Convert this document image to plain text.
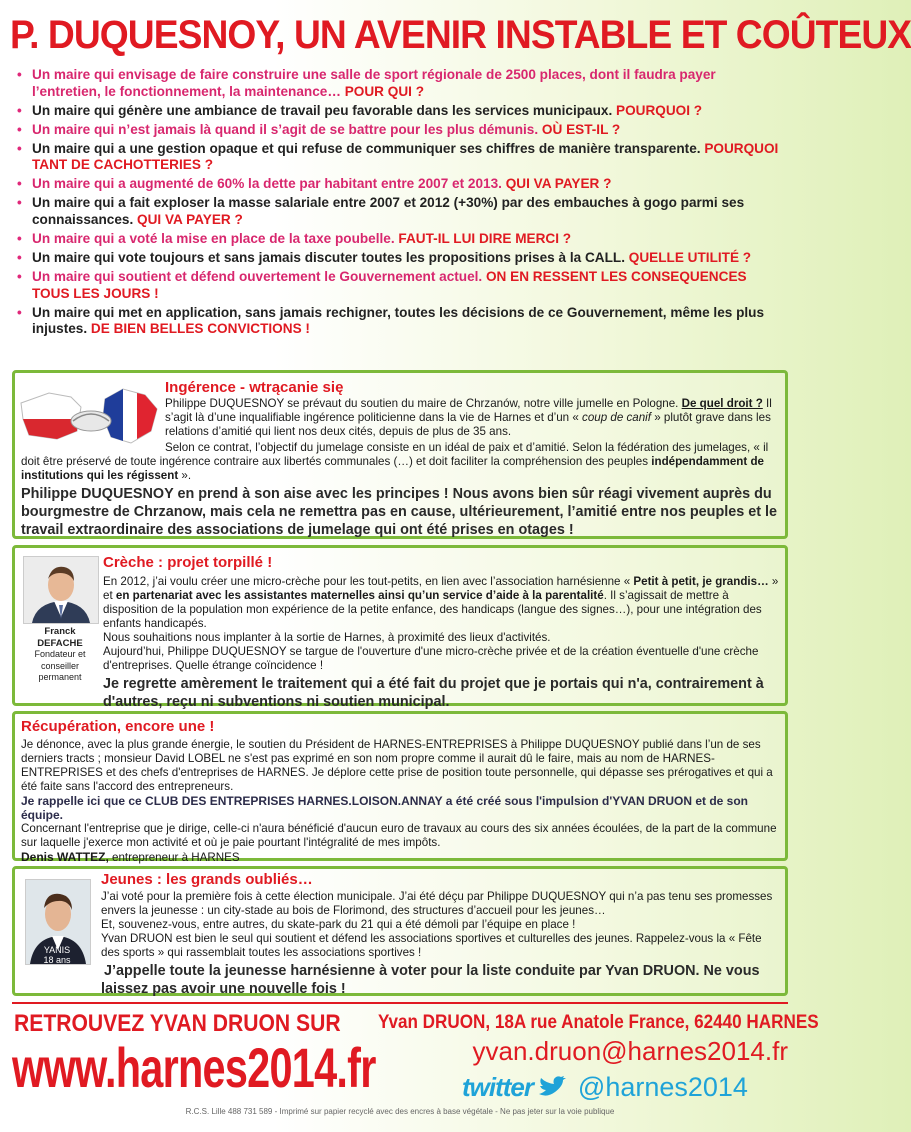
P. DUQUESNOY, UN AVENIR INSTABLE ET COÛTEUX
• Un maire qui envisage de faire construire une salle de sport régionale de 2500 places, dont il faudra payer l’entretien, le fonctionnement, la maintenance… POUR QUI ?
• Un maire qui génère une ambiance de travail peu favorable dans les services municipaux. POURQUOI ?
• Un maire qui n’est jamais là quand il s’agit de se battre pour les plus démunis. OÙ EST-IL ?
• Un maire qui a une gestion opaque et qui refuse de communiquer ses chiffres de manière transparente. POURQUOI TANT DE CACHOTTERIES ?
• Un maire qui a augmenté de 60% la dette par habitant entre 2007 et 2013. QUI VA PAYER ?
• Un maire qui a fait exploser la masse salariale entre 2007 et 2012 (+30%) par des embauches à gogo parmi ses connaissances. QUI VA PAYER ?
• Un maire qui a voté la mise en place de la taxe poubelle. FAUT-IL LUI DIRE MERCI ?
• Un maire qui vote toujours et sans jamais discuter toutes les propositions prises à la CALL. QUELLE UTILITÉ ?
• Un maire qui soutient et défend ouvertement le Gouvernement actuel. ON EN RESSENT LES CONSEQUENCES TOUS LES JOURS !
• Un maire qui met en application, sans jamais rechigner, toutes les décisions de ce Gouvernement, même les plus injustes. DE BIEN BELLES CONVICTIONS !

Ingérence - wtrącanie się

Philippe DUQUESNOY se prévaut du soutien du maire de Chrzanów, notre ville jumelle en Pologne. De quel droit ? Il s’agit là d’une inqualifiable ingérence politicienne dans la vie de Harnes et d’un « coup de canif » plutôt grave dans les relations d’amitié qui lient nos deux cités, depuis de plus de 35 ans.

Selon ce contrat, l’objectif du jumelage consiste en un idéal de paix et d’amitié. Selon la fédération des jumelages, « il doit être préservé de toute ingérence contraire aux libertés communales (…) et doit faciliter la compréhension des peuples indépendamment de institutions qui les régissent ».

Philippe DUQUESNOY en prend à son aise avec les principes ! Nous avons bien sûr réagi vivement auprès du bourgmestre de Chrzanow, mais cela ne remettra pas en cause, ultérieurement, l’amitié entre nos peuples et le travail extraordinaire des associations de jumelage qui ont été prises en otages !

Franck
DEFACHE
Fondateur et conseiller permanent

Crèche : projet torpillé !

En 2012, j’ai voulu créer une micro-crèche pour les tout-petits, en lien avec l’association harnésienne « Petit à petit, je grandis… » et en partenariat avec les assistantes maternelles ainsi qu’un service d’aide à la parentalité. Il s’agissait de mettre à disposition de la population mon expérience de la petite enfance, des handicaps (langue des signes…), pour une intégration des enfants handicapés.

Nous souhaitions nous implanter à la sortie de Harnes, à proximité des lieux d'activités.

Aujourd’hui, Philippe DUQUESNOY se targue de l'ouverture d'une micro-crèche privée et de la création éventuelle d'une crèche d'entreprises. Quelle étrange coïncidence !

Je regrette amèrement le traitement qui a été fait du projet que je portais qui n'a, contrairement à d'autres, reçu ni subventions ni soutien municipal.

Récupération, encore une !

Je dénonce, avec la plus grande énergie, le soutien du Président de HARNES-ENTREPRISES à Philippe DUQUESNOY publié dans l’un de ses derniers tracts ; monsieur David LOBEL ne s'est pas exprimé en son nom propre comme il aurait dû le faire, mais au nom de HARNES-ENTREPRISES et des chefs d'entreprises de HARNES. Je déplore cette prise de position toute personnelle, qui dépasse ses prérogatives et qui a été faite sans l'accord des entrepreneurs.

Je rappelle ici que ce CLUB DES ENTREPRISES HARNES.LOISON.ANNAY a été créé sous l'impulsion d'YVAN DRUON et de son équipe.

Concernant l'entreprise que je dirige, celle-ci n'aura bénéficié d'aucun euro de travaux au cours des six années écoulées, de la part de la commune sur laquelle j'exerce mon activité et où je paie pourtant l'intégralité de mes impôts.

Denis WATTEZ, entrepreneur à HARNES

YANIS
18 ans

Jeunes : les grands oubliés…

J’ai voté pour la première fois à cette élection municipale. J’ai été déçu par Philippe DUQUESNOY qui n’a pas tenu ses promesses envers la jeunesse : un city-stade au bois de Florimond, des structures d’accueil pour les jeunes…

Et, souvenez-vous, entre autres, du skate-park du 21 qui a été démoli par l’équipe en place !

Yvan DRUON est bien le seul qui soutient et défend les associations sportives et culturelles des jeunes. Rappelez-vous la « Fête des sports » qui rassemblait toutes les associations sportives !

J’appelle toute la jeunesse harnésienne à voter pour la liste conduite par Yvan DRUON. Ne vous laissez pas avoir une nouvelle fois !

RETROUVEZ YVAN DRUON SUR
www.harnes2014.fr
Yvan DRUON, 18A rue Anatole France, 62440 HARNES
yvan.druon@harnes2014.fr
twitter @harnes2014
R.C.S. Lille 488 731 589 - Imprimé sur papier recyclé avec des encres à base végétale - Ne pas jeter sur la voie publique
